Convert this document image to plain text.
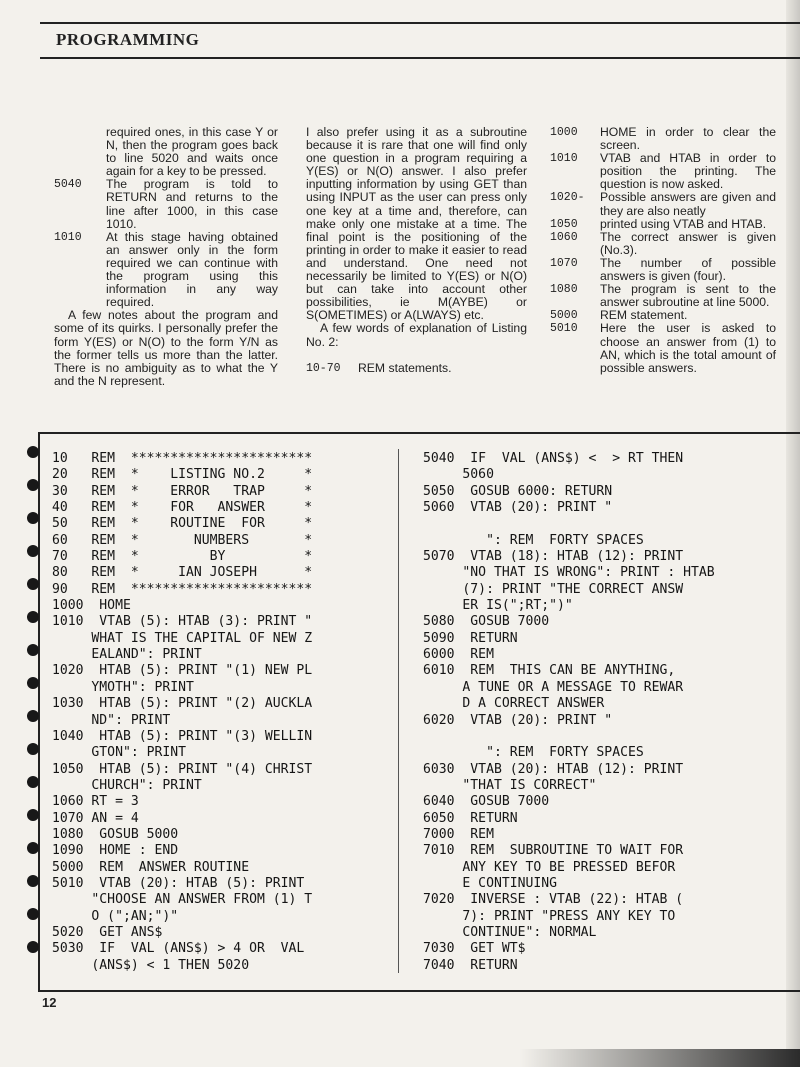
PROGRAMMING

required ones, in this case Y or N, then the program goes back to line 5020 and waits once again for a key to be pressed.

5040	The program is told to RETURN and returns to the line after 1000, in this case 1010.
1010	At this stage having obtained an answer only in the form required we can continue with the program using this information in any way required.

A few notes about the program and some of its quirks. I personally prefer the form Y(ES) or N(O) to the form Y/N as the former tells us more than the latter. There is no ambiguity as to what the Y and the N represent.

I also prefer using it as a subroutine because it is rare that one will find only one question in a program requiring a Y(ES) or N(O) answer. I also prefer inputting information by using GET than using INPUT as the user can press only one key at a time and, therefore, can make only one mistake at a time. The final point is the positioning of the printing in order to make it easier to read and understand. One need not necessarily be limited to Y(ES) or N(O) but can take into account other possibilities, ie M(AYBE) or S(OMETIMES) or A(LWAYS) etc.

A few words of explanation of Listing No. 2:

10-70	REM statements.
1000	HOME in order to clear the screen.
1010	VTAB and HTAB in order to position the printing. The question is now asked.
1020-	Possible answers are given and they are also neatly
1050	printed using VTAB and HTAB.
1060	The correct answer is given (No.3).
1070	The number of possible answers is given (four).
1080	The program is sent to the answer subroutine at line 5000.
5000	REM statement.
5010	Here the user is asked to choose an answer from (1) to AN, which is the total amount of possible answers.
10   REM  ***********************
20   REM  *    LISTING NO.2     *
30   REM  *    ERROR   TRAP     *
40   REM  *    FOR   ANSWER     *
50   REM  *    ROUTINE  FOR     *
60   REM  *       NUMBERS       *
70   REM  *         BY          *
80   REM  *     IAN JOSEPH      *
90   REM  ***********************
1000  HOME
1010  VTAB (5): HTAB (3): PRINT "
WHAT IS THE CAPITAL OF NEW Z
EALAND": PRINT
1020  HTAB (5): PRINT "(1) NEW PL
YMOTH": PRINT
1030  HTAB (5): PRINT "(2) AUCKLA
ND": PRINT
1040  HTAB (5): PRINT "(3) WELLIN
GTON": PRINT
1050  HTAB (5): PRINT "(4) CHRIST
CHURCH": PRINT
1060 RT = 3
1070 AN = 4
1080  GOSUB 5000
1090  HOME : END
5000  REM  ANSWER ROUTINE
5010  VTAB (20): HTAB (5): PRINT
"CHOOSE AN ANSWER FROM (1) T
O (";AN;")"
5020  GET ANS$
5030  IF  VAL (ANS$) > 4 OR  VAL
(ANS$) < 1 THEN 5020
5040  IF  VAL (ANS$) <  > RT THEN
5060
5050  GOSUB 6000: RETURN
5060  VTAB (20): PRINT "

": REM  FORTY SPACES
5070  VTAB (18): HTAB (12): PRINT
"NO THAT IS WRONG": PRINT : HTAB
(7): PRINT "THE CORRECT ANSW
ER IS(";RT;")"
5080  GOSUB 7000
5090  RETURN
6000  REM
6010  REM  THIS CAN BE ANYTHING,
A TUNE OR A MESSAGE TO REWAR
D A CORRECT ANSWER
6020  VTAB (20): PRINT "

": REM  FORTY SPACES
6030  VTAB (20): HTAB (12): PRINT
"THAT IS CORRECT"
6040  GOSUB 7000
6050  RETURN
7000  REM
7010  REM  SUBROUTINE TO WAIT FOR
ANY KEY TO BE PRESSED BEFOR
E CONTINUING
7020  INVERSE : VTAB (22): HTAB (
7): PRINT "PRESS ANY KEY TO
CONTINUE": NORMAL
7030  GET WT$
7040  RETURN
12
